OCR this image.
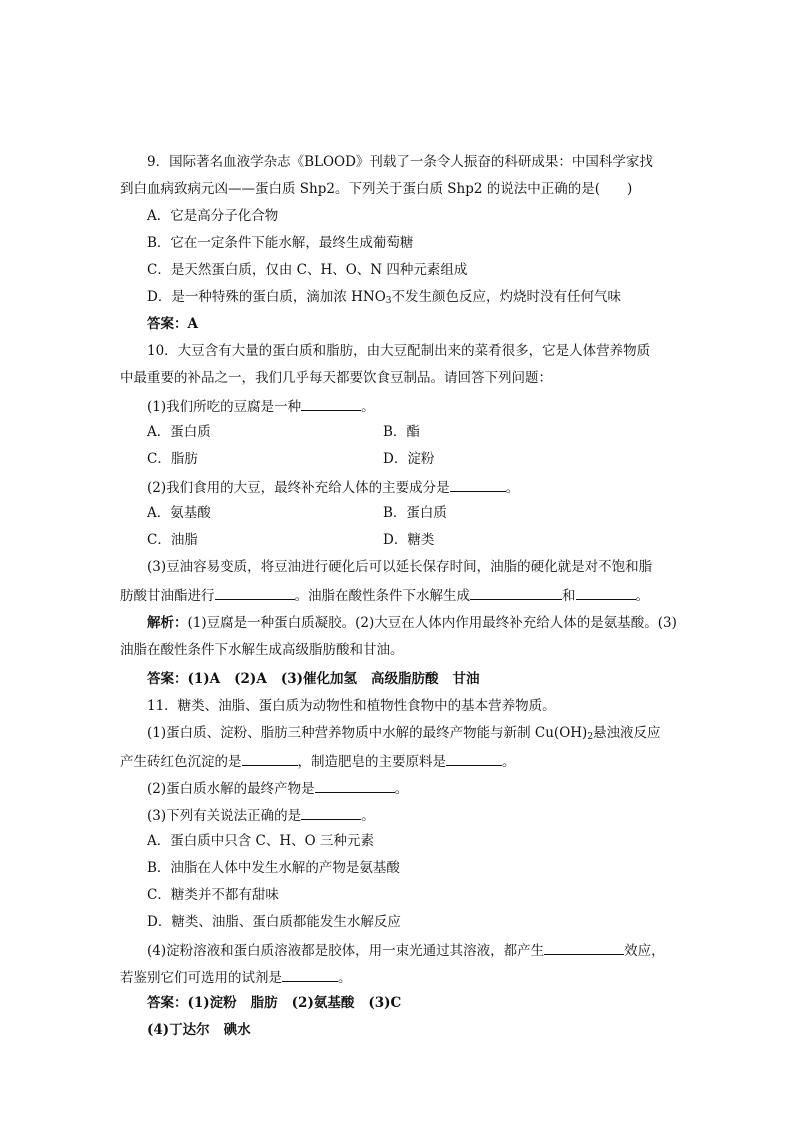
9．国际著名血液学杂志《BLOOD》刊载了一条令人振奋的科研成果：中国科学家找
到白血病致病元凶——蛋白质 Shp2。下列关于蛋白质 Shp2 的说法中正确的是(　　)
A．它是高分子化合物
B．它在一定条件下能水解，最终生成葡萄糖
C．是天然蛋白质，仅由 C、H、O、N 四种元素组成
D．是一种特殊的蛋白质，滴加浓 $HNO_3$不发生颜色反应，灼烧时没有任何气味
答案：A
10．大豆含有大量的蛋白质和脂肪，由大豆配制出来的菜肴很多，它是人体营养物质
中最重要的补品之一，我们几乎每天都要饮食豆制品。请回答下列问题：
(1)我们所吃的豆腐是一种	。
A．蛋白质	B．酯
C．脂肪	D．淀粉
(2)我们食用的大豆，最终补充给人体的主要成分是	。
A．氨基酸	B．蛋白质
C．油脂	D．糖类
(3)豆油容易变质，将豆油进行硬化后可以延长保存时间，油脂的硬化就是对不饱和脂
肪酸甘油酯进行	。油脂在酸性条件下水解生成	和	。
解析：(1)豆腐是一种蛋白质凝胶。(2)大豆在人体内作用最终补充给人体的是氨基酸。(3)
油脂在酸性条件下水解生成高级脂肪酸和甘油。
答案：(1)A (2)A (3)催化加氢 高级脂肪酸 甘油
11．糖类、油脂、蛋白质为动物性和植物性食物中的基本营养物质。
(1)蛋白质、淀粉、脂肪三种营养物质中水解的最终产物能与新制 $Cu(OH)_2$悬浊液反应
产生砖红色沉淀的是	，制造肥皂的主要原料是	。
(2)蛋白质水解的最终产物是	。
(3)下列有关说法正确的是	。
A．蛋白质中只含 C、H、O 三种元素
B．油脂在人体中发生水解的产物是氨基酸
C．糖类并不都有甜味
D．糖类、油脂、蛋白质都能发生水解反应
(4)淀粉溶液和蛋白质溶液都是胶体，用一束光通过其溶液，都产生	效应，
若鉴别它们可选用的试剂是	。
答案：(1)淀粉 脂肪 (2)氨基酸 (3)C
(4)丁达尔 碘水
